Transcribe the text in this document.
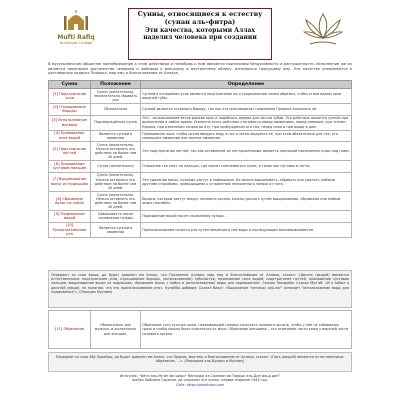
Mufti Rafiq
Al-Ilahiyat College
Сунны, относящиеся к естеству (сунан аль-фитра)
Эти качества, которыми Аллах наделил человека при создании
В мусульманском обществе пренебрежение к этим действиям и нелюбовь к ним являются признаками бездуховности и распущенности. Исполнение же их является признаком достоинства человека и любовью к внешнему и внутреннему облику, изначально присущему ему. Эти качества упоминаются в достоверных хадисах Пророка, мир ему и благословение от Аллаха.
Сунна	Положение	Определение
[1] Подстригание усов	Сунна (желательно), нежелательно сбривать усы	Сунной в отношении усов является подстригание их и укорачивание таким образом, чтобы стали видны края верхней губы.
[2] Отращивание бороды	Обязательно	Сунной является оставлять бороду, так как это противоречит повелению Пророка сохранять её.
[3] Использование мисвака	Подтверждённая сунна	Это – использование ветки дерева арак и подобного дерева для чистки зубов. Это действие является сунной при выполнении в любое время. Усиленно этого действие становится перед омовением, перед намазом, при чтении Корана, при изменении запаха во рту, при пробуждении ото сна, перед сном и при входе в дом.
[4] Промывание носа водой	Является сунной в омовении	Промывание носа: чтобы потом вводить воду в нос и затем выдувать её, при этом обязательно для тех, кто совершает омовение или полное омовение.
[5] Подстригание ногтей	Сунна (желательно). Нельзя оставлять это действие на более чем 40 дней.	Это подстригание ногтей, так как оставление их нестриженными является причиной накопления грязи под ними.
[6] Промывание суставов пальцев	Сунна (желательно)	Очищение тех мест на пальцах, где может скапливаться грязь, в таких как суставы и ногти.
[7] Выщипывание волос из подмышек	Сунна (желательно). Нельзя оставлять это действие на более чем 40 дней.	Это удаление волос, которые растут в подмышках. Их можно выщипывать, сбривать или удалять любыми другими способами, приводящими к устранению неприятного запаха от пота.
[8] Сбривание волос на лобке	Сунна (желательно). Нельзя оставлять это действие на более чем 40 дней.	Волосы, которые растут вокруг полового органа, можно удалять путём выщипывания, сбривания или любым иным способом.
[9] Подмывание водой	Совершается после справления нужды	Подмывание водой после справления нужды.
[10] Прополаскивание рта	Является сунной в омовении	Прополаскивание полости рта путём введения в неё воды и последующим выплёвыванием её.
Передают со слов Аиши, да будет доволен ею Аллах, что Посланник Аллаха, мир ему и благословение от Аллаха, сказал: «Десять (вещей) являются естественными: подстригание усов, отращивание бороды, (использование) зубочистки, промывание носа водой, подстригание ногтей, промывание суставов пальцев, выщипывание волос из подмышек, сбривание волос с лобка и (использование) воды для подмывания». Сказал Закарийа: Сказал Мус'аб: «И я забыл о десятой (вещи), но полагаю, что это прополаскивание рта». Кутайба добавил: Сказал Ваки': «Выражение "интикас аль-ма'" означает "использование воды для подмывания"». (Передал Муслим)
[11] Обрезание	Обязательно для мужчин, и желательно для женщин.	Обрезание того кусочка кожи, покрывающей головку мужского полового органа, чтобы у неё не собиралась грязь и чтобы можно было очиститься от мочи. Обрезание женщины – это отрезание части кожи у верхней части полового органа.
Передают со слов Абу Хурайры, да будет доволен им Аллах, что Пророк, мир ему и благословение от Аллаха, сказал: «Пять (вещей) являются естественными: обрезание, ...». (Передали аль-Бухари и Муслим)
Источник: "Фатх аль-Му'ин фи шарх" Манхадж аз-Салихин ва Тавдых аль-Дин фи-д-дин"
шейха Хайсама Сархана, да сохранит его Аллах, первое издание 1443 год.
Сайт: https://alsarhaan.com
